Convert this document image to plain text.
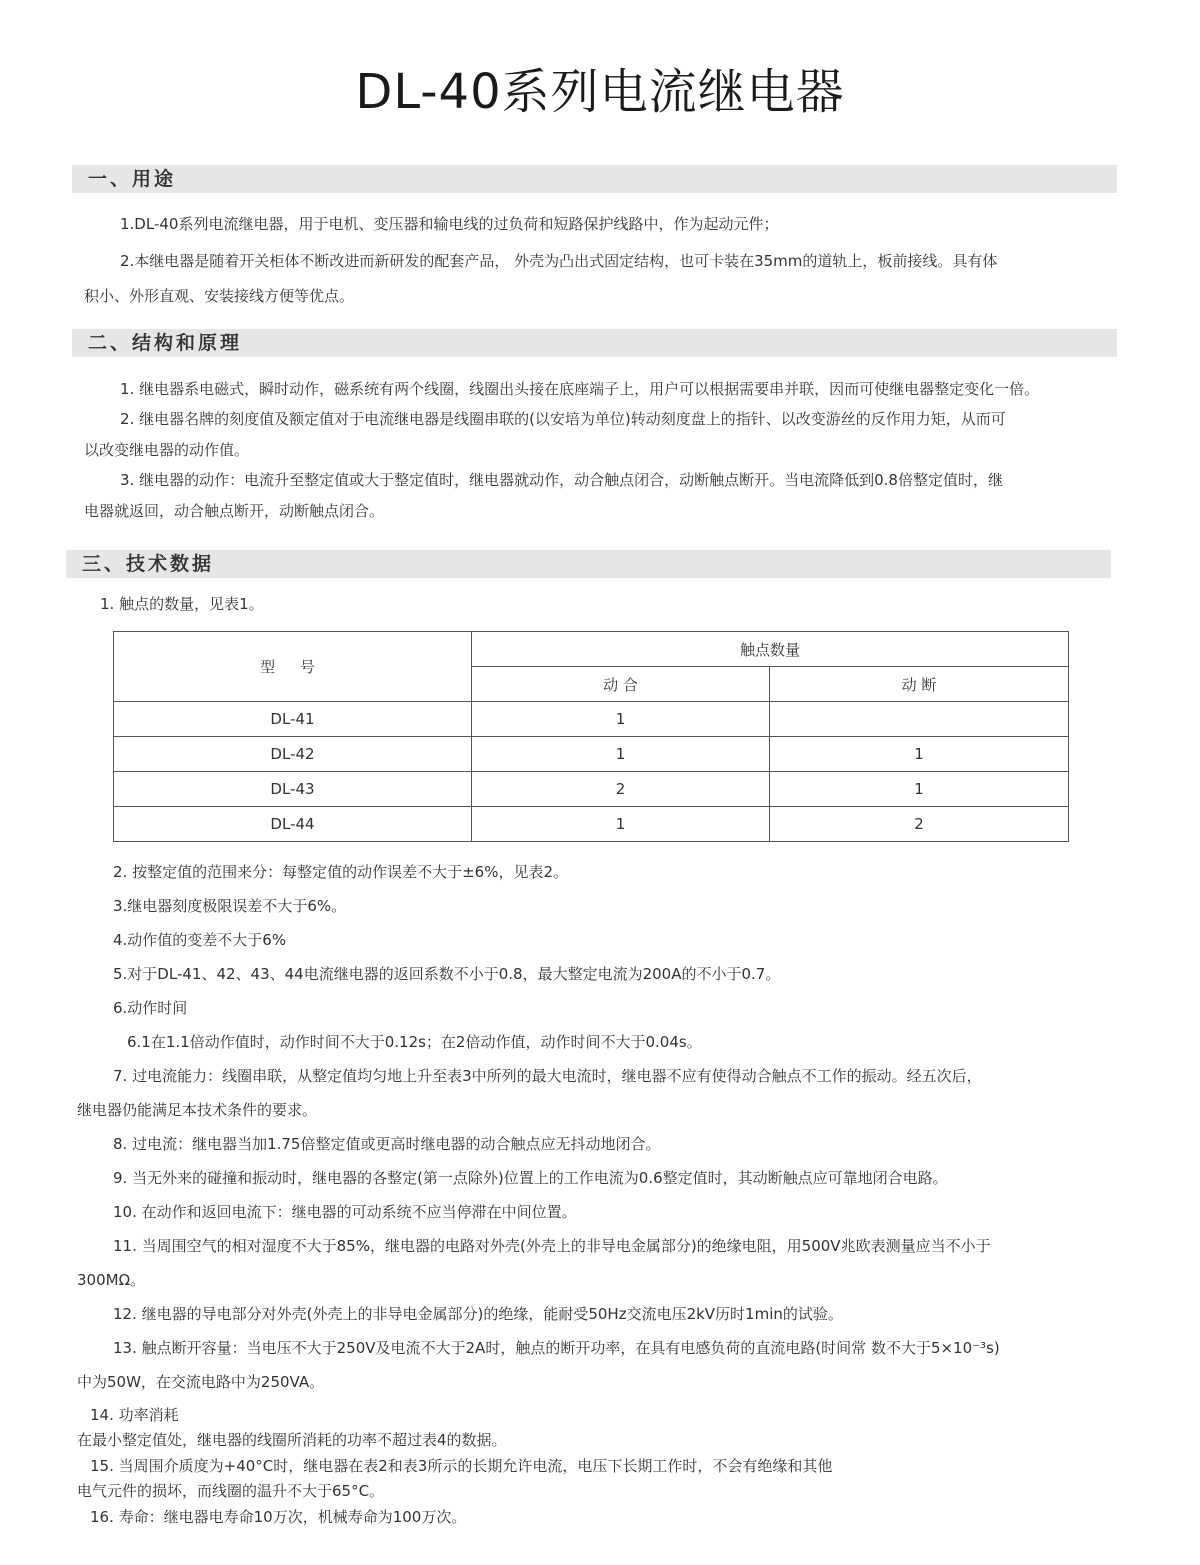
DL-40系列电流继电器
一、用途
1.DL-40系列电流继电器，用于电机、变压器和输电线的过负荷和短路保护线路中，作为起动元件；
2.本继电器是随着开关柜体不断改进而新研发的配套产品， 外壳为凸出式固定结构，也可卡装在35mm的道轨上，板前接线。具有体
积小、外形直观、安装接线方便等优点。
二、结构和原理
1. 继电器系电磁式，瞬时动作，磁系统有两个线圈，线圈出头接在底座端子上，用户可以根据需要串并联，因而可使继电器整定变化一倍。
2. 继电器名牌的刻度值及额定值对于电流继电器是线圈串联的(以安培为单位)转动刻度盘上的指针、以改变游丝的反作用力矩，从而可
以改变继电器的动作值。
3. 继电器的动作：电流升至整定值或大于整定值时，继电器就动作，动合触点闭合，动断触点断开。当电流降低到0.8倍整定值时，继
电器就返回，动合触点断开，动断触点闭合。
三、技术数据
1. 触点的数量，见表1。
型 号	触点数量	
	动 合	动 断
DL-41	1	
DL-42	1	1
DL-43	2	1
DL-44	1	2
2. 按整定值的范围来分：每整定值的动作误差不大于±6%，见表2。
3.继电器刻度极限误差不大于6%。
4.动作值的变差不大于6%
5.对于DL-41、42、43、44电流继电器的返回系数不小于0.8，最大整定电流为200A的不小于0.7。
6.动作时间
6.1在1.1倍动作值时，动作时间不大于0.12s；在2倍动作值，动作时间不大于0.04s。
7. 过电流能力：线圈串联，从整定值均匀地上升至表3中所列的最大电流时，继电器不应有使得动合触点不工作的振动。经五次后，
继电器仍能满足本技术条件的要求。
8. 过电流：继电器当加1.75倍整定值或更高时继电器的动合触点应无抖动地闭合。
9. 当无外来的碰撞和振动时，继电器的各整定(第一点除外)位置上的工作电流为0.6整定值时，其动断触点应可靠地闭合电路。
10. 在动作和返回电流下：继电器的可动系统不应当停滞在中间位置。
11. 当周围空气的相对湿度不大于85%，继电器的电路对外壳(外壳上的非导电金属部分)的绝缘电阻，用500V兆欧表测量应当不小于
300MΩ。
12. 继电器的导电部分对外壳(外壳上的非导电金属部分)的绝缘，能耐受50Hz交流电压2kV历时1min的试验。
13. 触点断开容量：当电压不大于250V及电流不大于2A时，触点的断开功率，在具有电感负荷的直流电路(时间常 数不大于5×10⁻³s)
中为50W，在交流电路中为250VA。
14. 功率消耗
在最小整定值处，继电器的线圈所消耗的功率不超过表4的数据。
15. 当周围介质度为+40°C时，继电器在表2和表3所示的长期允许电流，电压下长期工作时，不会有绝缘和其他
电气元件的损坏，而线圈的温升不大于65°C。
16. 寿命：继电器电寿命10万次，机械寿命为100万次。
